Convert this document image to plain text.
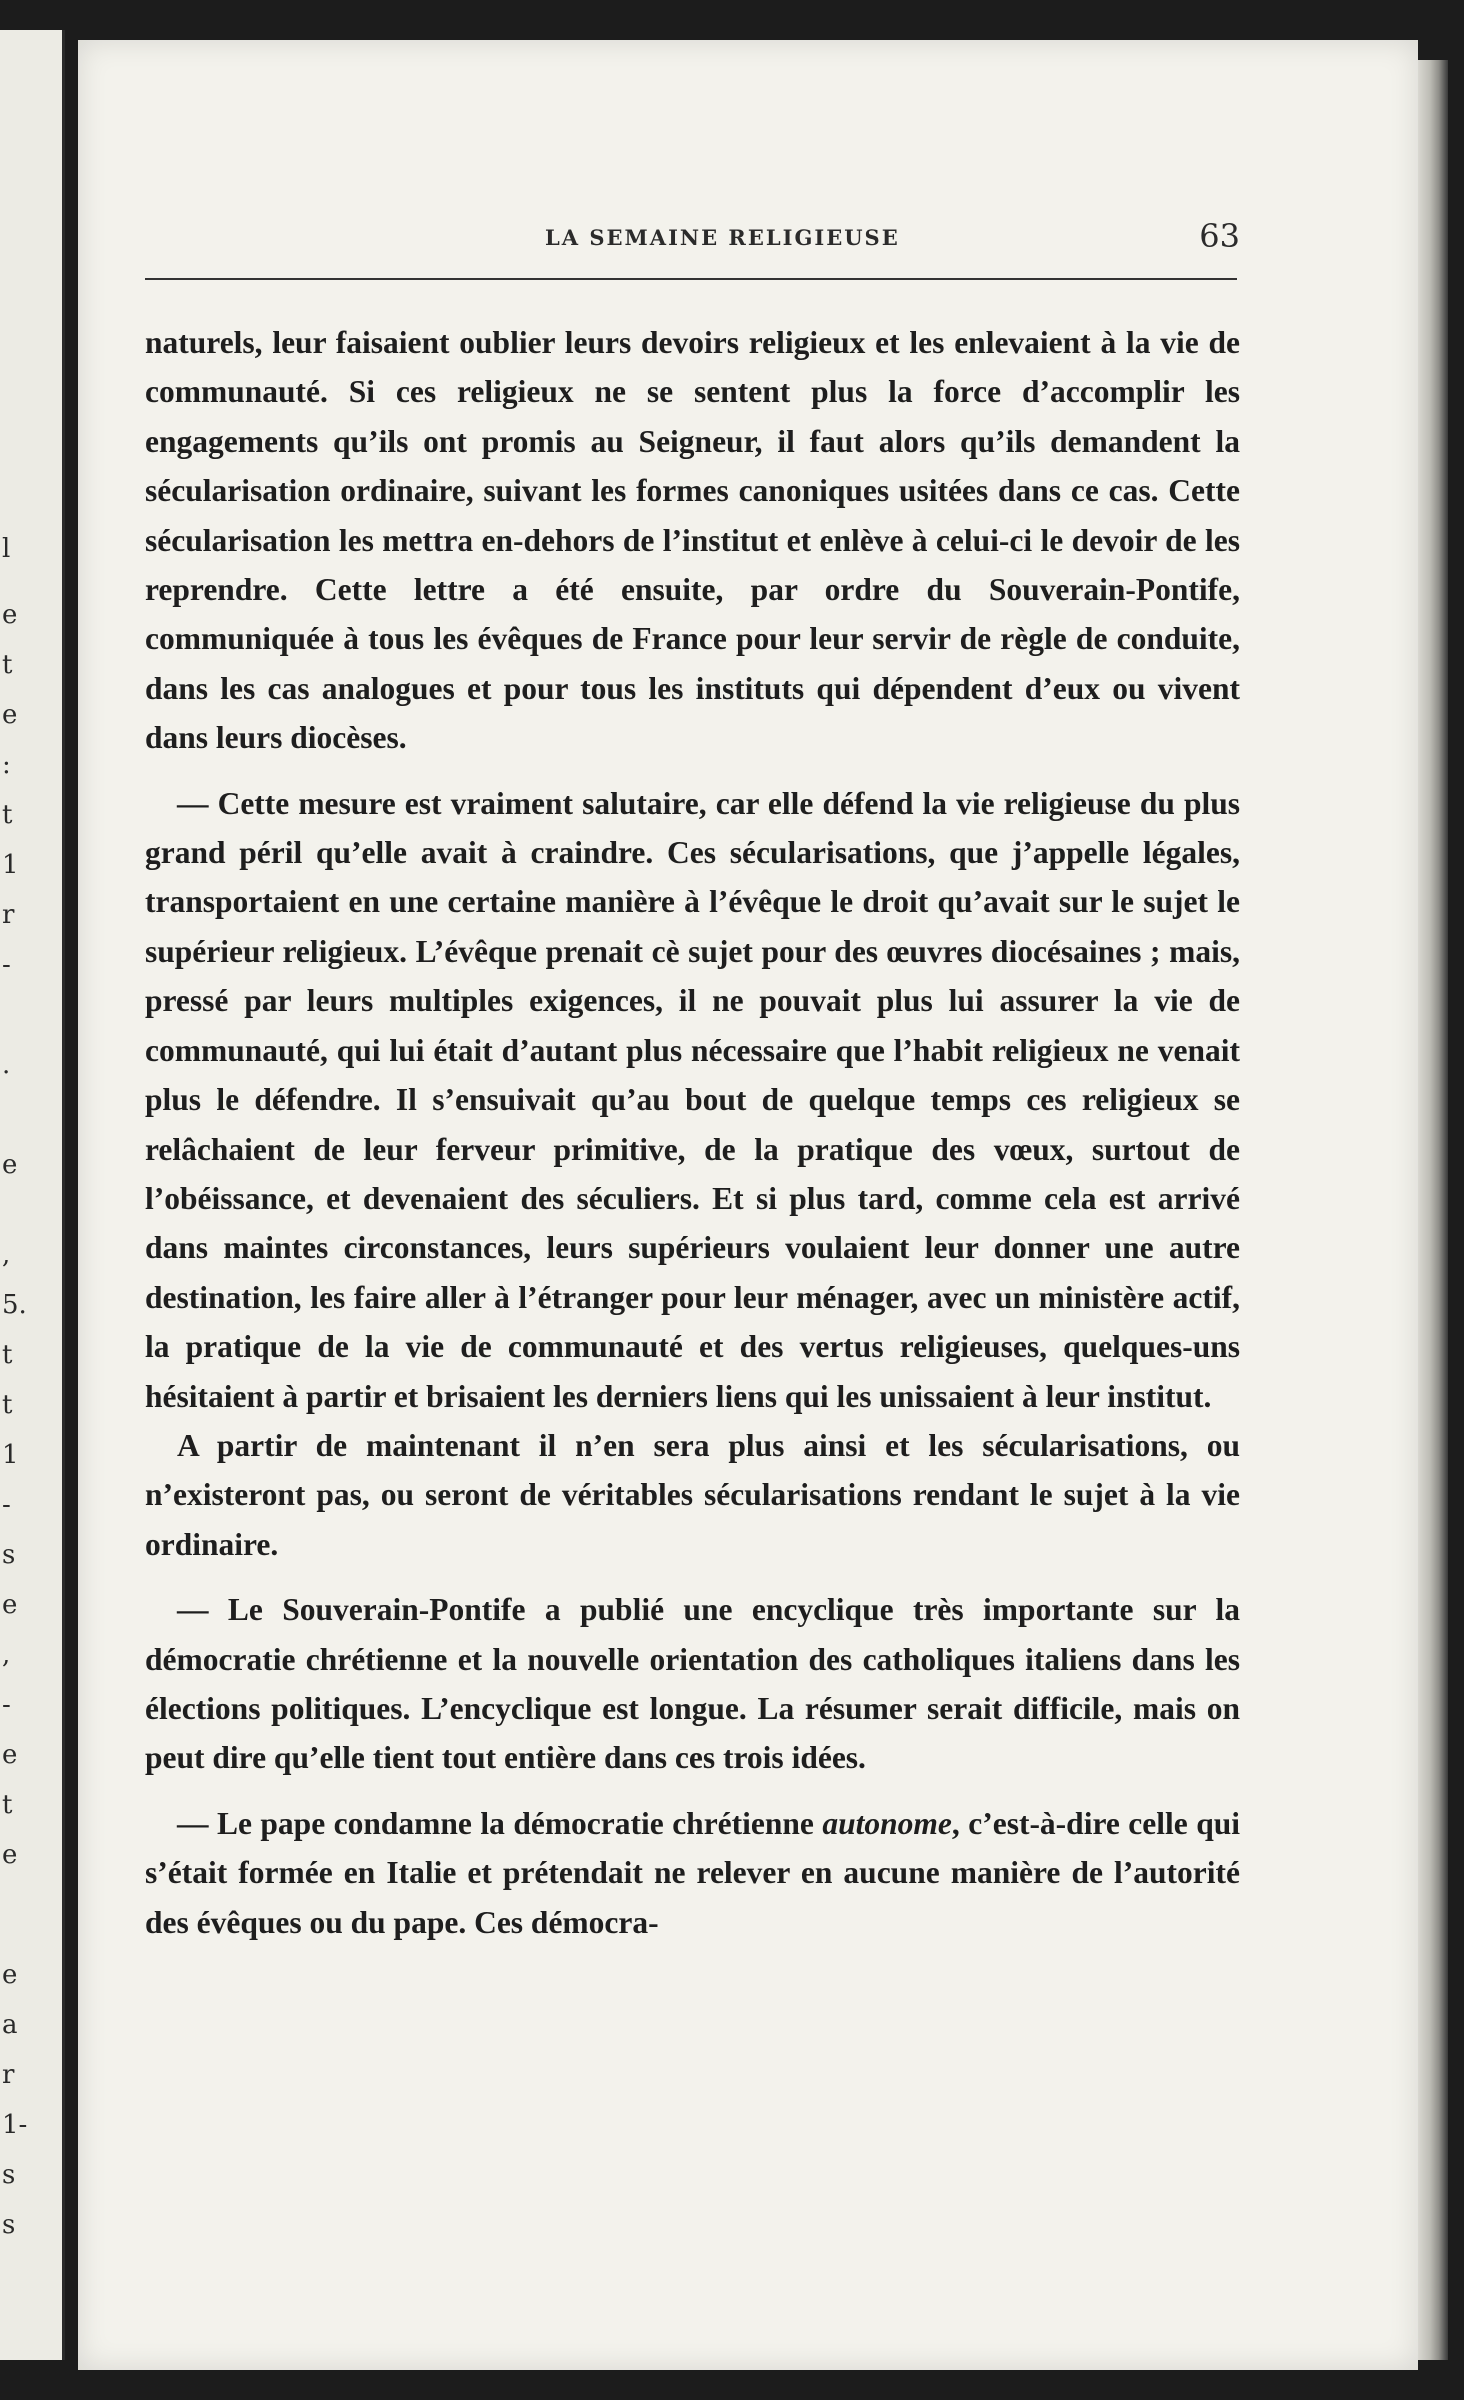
l
e
t
e
:
t
1
r
-
.
e
,
5.
t
t
1
-
s
e
,
-
e
t
e
e
a
r
1-
s
s
LA SEMAINE RELIGIEUSE	63

naturels, leur faisaient oublier leurs devoirs religieux et les enlevaient à la vie de communauté. Si ces religieux ne se sentent plus la force d’accomplir les engagements qu’ils ont promis au Seigneur, il faut alors qu’ils demandent la sécularisation ordinaire, suivant les formes canoniques usitées dans ce cas. Cette sécularisation les mettra en-dehors de l’institut et enlève à celui-ci le devoir de les reprendre. Cette lettre a été ensuite, par ordre du Souverain-Pontife, communiquée à tous les évêques de France pour leur servir de règle de conduite, dans les cas analogues et pour tous les instituts qui dépendent d’eux ou vivent dans leurs diocèses.

— Cette mesure est vraiment salutaire, car elle défend la vie religieuse du plus grand péril qu’elle avait à craindre. Ces sécularisations, que j’appelle légales, transportaient en une certaine manière à l’évêque le droit qu’avait sur le sujet le supérieur religieux. L’évêque prenait cè sujet pour des œuvres diocésaines ; mais, pressé par leurs multiples exigences, il ne pouvait plus lui assurer la vie de communauté, qui lui était d’autant plus nécessaire que l’habit religieux ne venait plus le défendre. Il s’ensuivait qu’au bout de quelque temps ces religieux se relâchaient de leur ferveur primitive, de la pratique des vœux, surtout de l’obéissance, et devenaient des séculiers. Et si plus tard, comme cela est arrivé dans maintes circonstances, leurs supérieurs voulaient leur donner une autre destination, les faire aller à l’étranger pour leur ménager, avec un ministère actif, la pratique de la vie de communauté et des vertus religieuses, quelques-uns hésitaient à partir et brisaient les derniers liens qui les unissaient à leur institut.

A partir de maintenant il n’en sera plus ainsi et les sécularisations, ou n’existeront pas, ou seront de véritables sécularisations rendant le sujet à la vie ordinaire.

— Le Souverain-Pontife a publié une encyclique très importante sur la démocratie chrétienne et la nouvelle orientation des catholiques italiens dans les élections politiques. L’encyclique est longue. La résumer serait difficile, mais on peut dire qu’elle tient tout entière dans ces trois idées.

— Le pape condamne la démocratie chrétienne autonome, c’est-à-dire celle qui s’était formée en Italie et prétendait ne relever en aucune manière de l’autorité des évêques ou du pape. Ces démocra-
